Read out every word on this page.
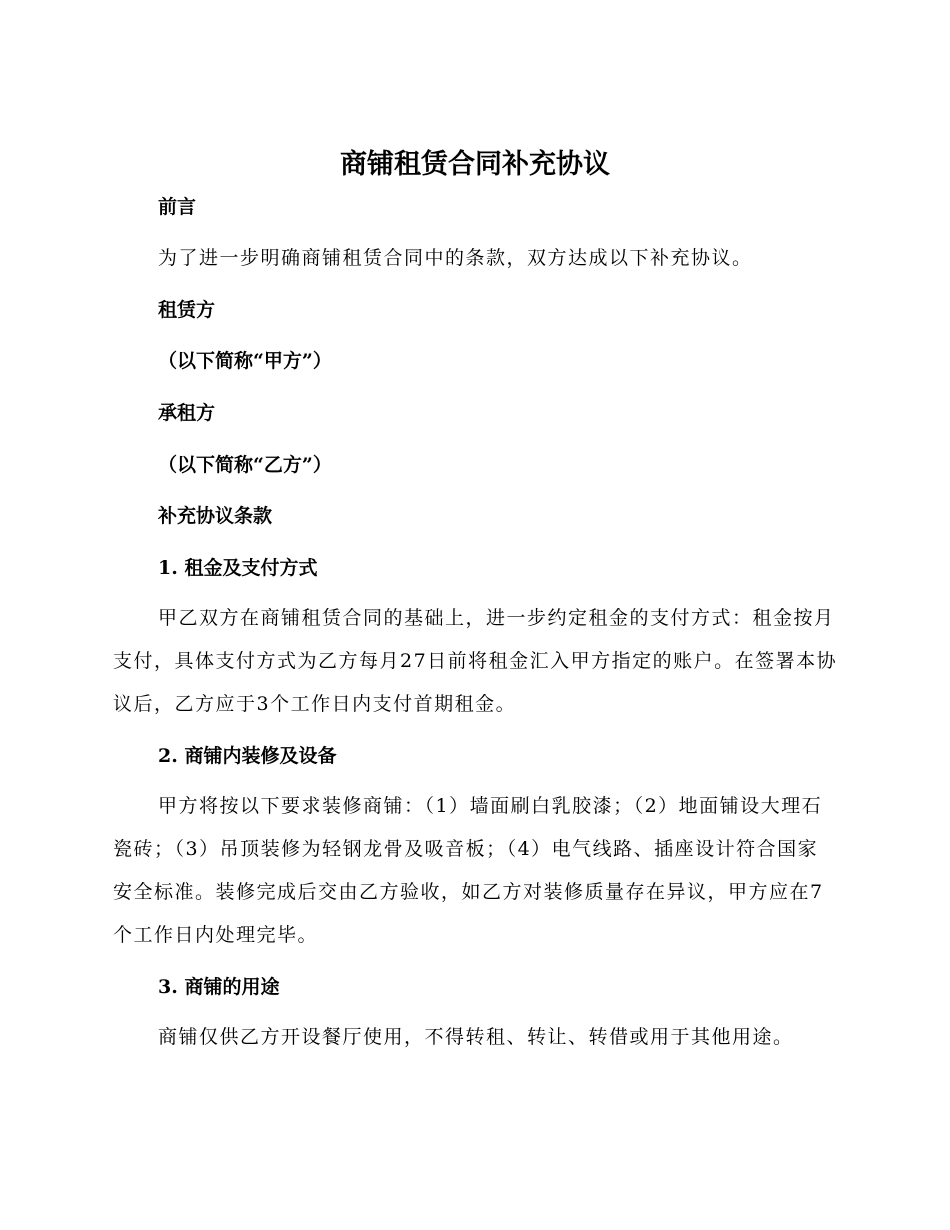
商铺租赁合同补充协议

前言

为了进一步明确商铺租赁合同中的条款，双方达成以下补充协议。

租赁方

（以下简称“甲方”）

承租方

（以下简称“乙方”）

补充协议条款

1. 租金及支付方式

甲乙双方在商铺租赁合同的基础上，进一步约定租金的支付方式：租金按月支付，具体支付方式为乙方每月27日前将租金汇入甲方指定的账户。在签署本协议后，乙方应于3个工作日内支付首期租金。

2. 商铺内装修及设备

甲方将按以下要求装修商铺：（1）墙面刷白乳胶漆；（2）地面铺设大理石瓷砖；（3）吊顶装修为轻钢龙骨及吸音板；（4）电气线路、插座设计符合国家安全标准。装修完成后交由乙方验收，如乙方对装修质量存在异议，甲方应在7个工作日内处理完毕。

3. 商铺的用途

商铺仅供乙方开设餐厅使用，不得转租、转让、转借或用于其他用途。
